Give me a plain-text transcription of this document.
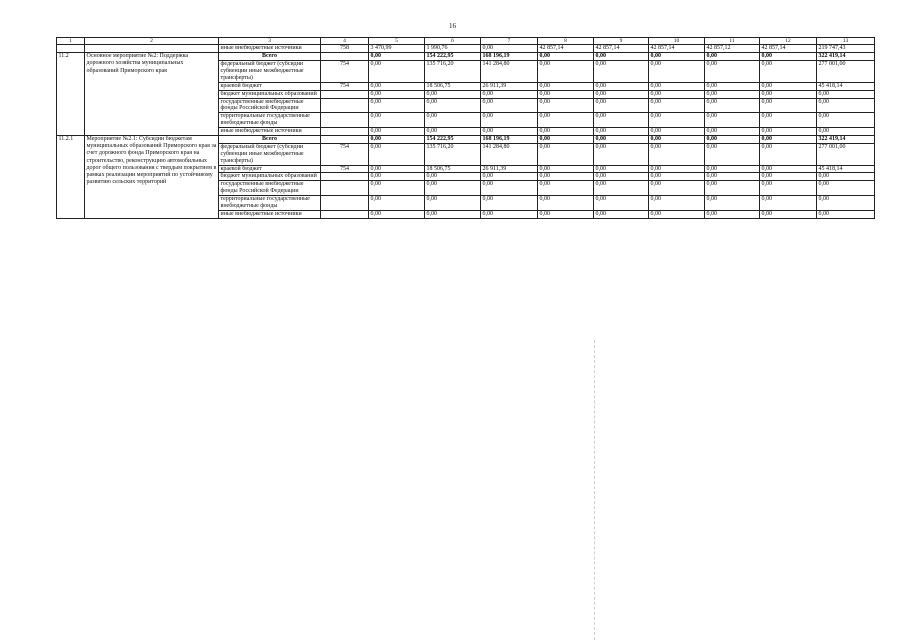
16
1	2	3	4	5	6	7	8	9	10	11	12	13
		иные внебюджетные источники	758	3 470,99	1 990,76	0,00	42 857,14	42 857,14	42 857,14	42 857,12	42 857,14	219 747,43
11.2	Основное мероприятие №2: Поддержка дорожного хозяйства муниципальных образований Приморского края	Всего		0,00	154 222,95	168 196,19	0,00	0,00	0,00	0,00	0,00	322 419,14
		федеральный бюджет (субсидии субвенции иные межбюджетные трансферты)	754	0,00	135 716,20	141 284,80	0,00	0,00	0,00	0,00	0,00	277 001,00
		краевой бюджет	754	0,00	18 506,75	26 911,39	0,00	0,00	0,00	0,00	0,00	45 418,14
		бюджет муниципальных образований		0,00	0,00	0,00	0,00	0,00	0,00	0,00	0,00	0,00
		государственные внебюджетные фонды Российской Федерации		0,00	0,00	0,00	0,00	0,00	0,00	0,00	0,00	0,00
		территориальные государственные внебюджетные фонды		0,00	0,00	0,00	0,00	0,00	0,00	0,00	0,00	0,00
		иные внебюджетные источники		0,00	0,00	0,00	0,00	0,00	0,00	0,00	0,00	0,00
11.2.1	Мероприятие №2.1: Субсидии бюджетам муниципальных образований Приморского края за счет дорожного фонда Приморского края на строительство, реконструкцию автомобильных дорог общего пользования с твердым покрытием в рамках реализации мероприятий по устойчивому развитию сельских территорий	Всего		0,00	154 222,95	168 196,19	0,00	0,00	0,00	0,00	0,00	322 419,14
		федеральный бюджет (субсидии субвенции иные межбюджетные трансферты)	754	0,00	135 716,20	141 284,80	0,00	0,00	0,00	0,00	0,00	277 001,00
		краевой бюджет	754	0,00	18 506,75	26 911,39	0,00	0,00	0,00	0,00	0,00	45 418,14
		бюджет муниципальных образований		0,00	0,00	0,00	0,00	0,00	0,00	0,00	0,00	0,00
		государственные внебюджетные фонды Российской Федерации		0,00	0,00	0,00	0,00	0,00	0,00	0,00	0,00	0,00
		территориальные государственные внебюджетные фонды		0,00	0,00	0,00	0,00	0,00	0,00	0,00	0,00	0,00
		иные внебюджетные источники		0,00	0,00	0,00	0,00	0,00	0,00	0,00	0,00	0,00
